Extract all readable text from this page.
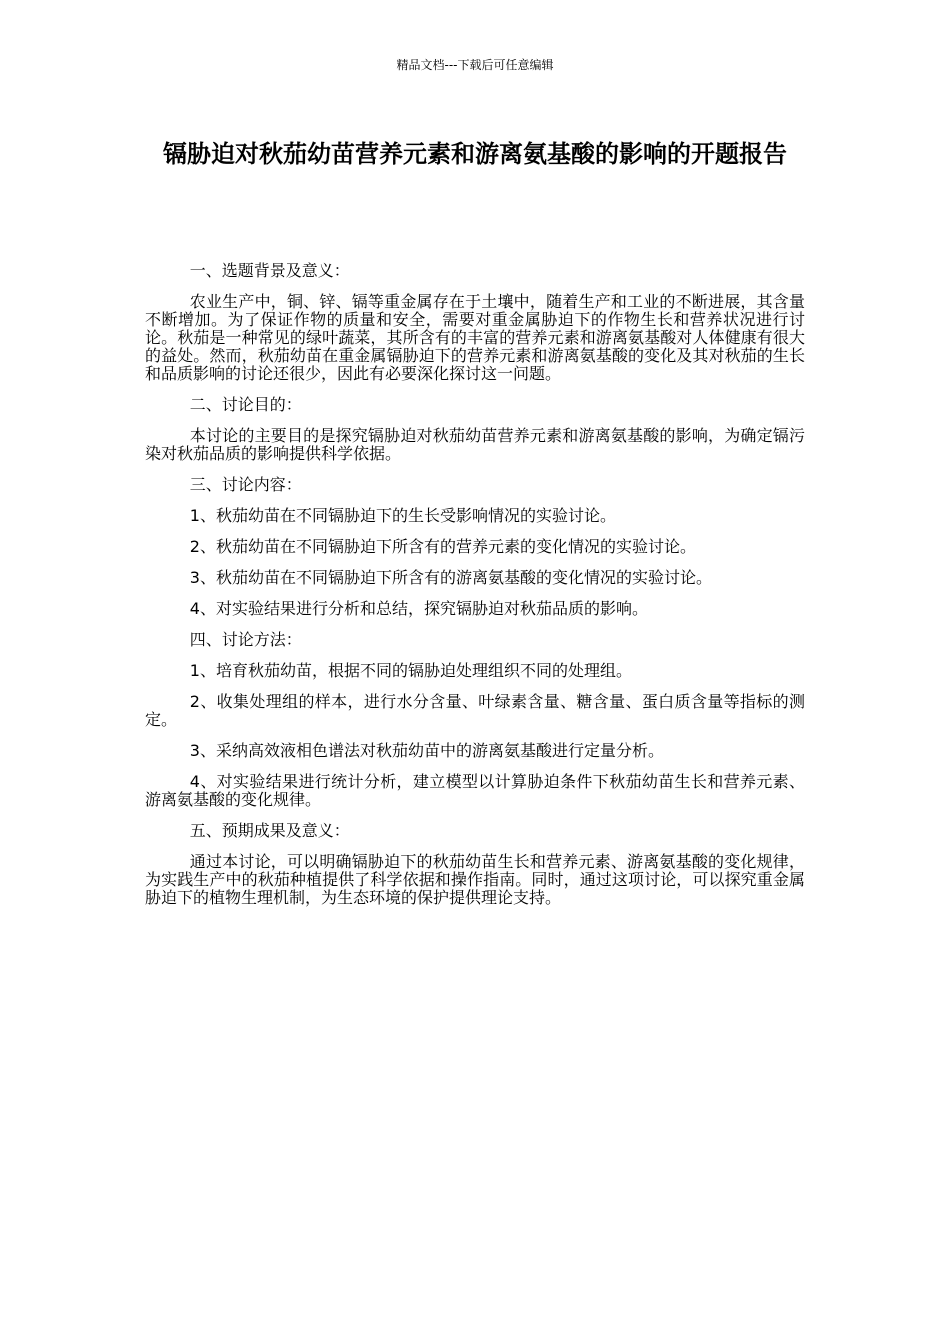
精品文档---下载后可任意编辑
镉胁迫对秋茄幼苗营养元素和游离氨基酸的影响的开题报告

一、选题背景及意义：

农业生产中，铜、锌、镉等重金属存在于土壤中，随着生产和工业的不断进展，其含量不断增加。为了保证作物的质量和安全，需要对重金属胁迫下的作物生长和营养状况进行讨论。秋茄是一种常见的绿叶蔬菜，其所含有的丰富的营养元素和游离氨基酸对人体健康有很大的益处。然而，秋茄幼苗在重金属镉胁迫下的营养元素和游离氨基酸的变化及其对秋茄的生长和品质影响的讨论还很少，因此有必要深化探讨这一问题。

二、讨论目的：

本讨论的主要目的是探究镉胁迫对秋茄幼苗营养元素和游离氨基酸的影响，为确定镉污染对秋茄品质的影响提供科学依据。

三、讨论内容：

1、秋茄幼苗在不同镉胁迫下的生长受影响情况的实验讨论。

2、秋茄幼苗在不同镉胁迫下所含有的营养元素的变化情况的实验讨论。

3、秋茄幼苗在不同镉胁迫下所含有的游离氨基酸的变化情况的实验讨论。

4、对实验结果进行分析和总结，探究镉胁迫对秋茄品质的影响。

四、讨论方法：

1、培育秋茄幼苗，根据不同的镉胁迫处理组织不同的处理组。

2、收集处理组的样本，进行水分含量、叶绿素含量、糖含量、蛋白质含量等指标的测定。

3、采纳高效液相色谱法对秋茄幼苗中的游离氨基酸进行定量分析。

4、对实验结果进行统计分析，建立模型以计算胁迫条件下秋茄幼苗生长和营养元素、游离氨基酸的变化规律。

五、预期成果及意义：

通过本讨论，可以明确镉胁迫下的秋茄幼苗生长和营养元素、游离氨基酸的变化规律，为实践生产中的秋茄种植提供了科学依据和操作指南。同时，通过这项讨论，可以探究重金属胁迫下的植物生理机制，为生态环境的保护提供理论支持。
